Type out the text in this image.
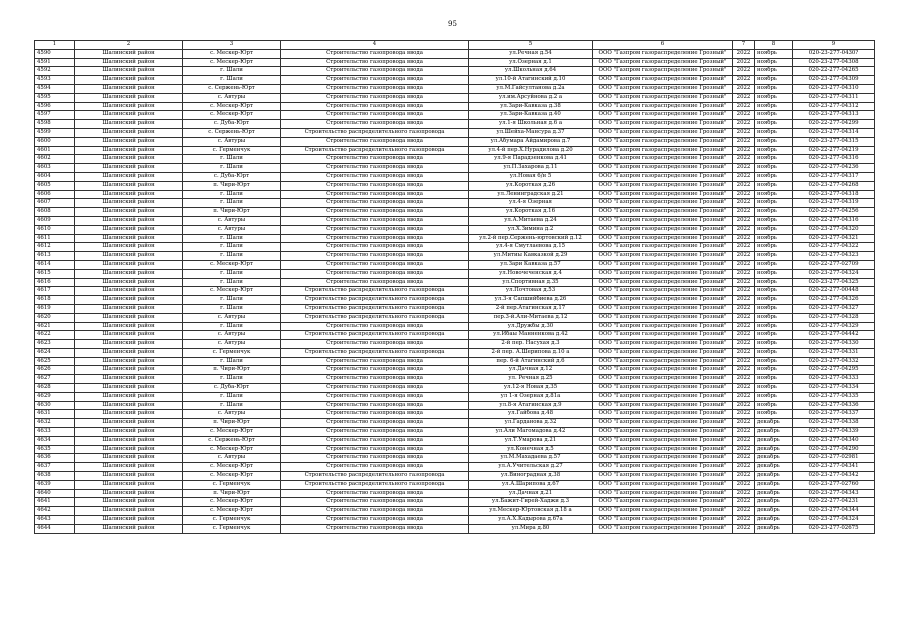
95
1	2	3	4	5	6	7	8	9
4590	Шалинский район	с. Мескер-Юрт	Строительство газопровода ввода	ул.Речная д.54	ООО "Газпром газораспределение Грозный"	2022	ноябрь	020-23-277-0430?
4591	Шалинский район	с. Мескер-Юрт	Строительство газопровода ввода	ул.Озерная д.1	ООО "Газпром газораспределение Грозный"	2022	ноябрь	020-23-277-04308
4592	Шалинский район	г. Шали	Строительство газопровода ввода	ул.Школьная д.64	ООО "Газпром газораспределение Грозный"	2022	ноябрь	020-22-277-04265
4593	Шалинский район	г. Шали	Строительство газопровода ввода	ул.10-й Атагинский д.10	ООО "Газпром газораспределение Грозный"	2022	ноябрь	020-23-277-04309
4594	Шалинский район	с. Сержень-Юрт	Строительство газопровода ввода	ул.М.Гайсултанова д.2а	ООО "Газпром газораспределение Грозный"	2022	ноябрь	020-23-277-04310
4595	Шалинский район	с. Автуры	Строительство газопровода ввода	ул.им.Арсуйнова д.2 а	ООО "Газпром газораспределение Грозный"	2022	ноябрь	020-23-277-04311
4596	Шалинский район	с. Мескер-Юрт	Строительство газопровода ввода	ул.Зари-Кавказа д.38	ООО "Газпром газораспределение Грозный"	2022	ноябрь	020-23-277-04312
4597	Шалинский район	с. Мескер-Юрт	Строительство газопровода ввода	ул.Зари-Кавказа д.40	ООО "Газпром газораспределение Грозный"	2022	ноябрь	020-23-277-04313
4598	Шалинский район	с. Дуба-Юрт	Строительство газопровода ввода	ул.1-я Школьная д.6 а	ООО "Газпром газораспределение Грозный"	2022	ноябрь	020-22-277-04299
4599	Шалинский район	с. Сержень-Юрт	Строительство распределительного газопровода	ул.Шейха-Мансура д.37	ООО "Газпром газораспределение Грозный"	2022	ноябрь	020-23-277-04314
4600	Шалинский район	с. Автуры	Строительство газопровода ввода	ул.Абумара Айдамирова д.7	ООО "Газпром газораспределение Грозный"	2022	ноябрь	020-23-277-04315
4601	Шалинский район	с. Герменчук	Строительство распределительного газопровода	ул.4-й пер.Х.Нурадилова д.20	ООО "Газпром газораспределение Грозный"	2022	ноябрь	020-22-277-04219
4602	Шалинский район	г. Шали	Строительство газопровода ввода	ул.9-я Парадзенкова д.41	ООО "Газпром газораспределение Грозный"	2022	ноябрь	020-23-277-04316
4603	Шалинский район	г. Шали	Строительство газопровода ввода	ул.П.Захарова д.11	ООО "Газпром газораспределение Грозный"	2022	ноябрь	020-22-277-04236
4604	Шалинский район	с. Дуба-Юрт	Строительство газопровода ввода	ул.Новая 6/н 5	ООО "Газпром газораспределение Грозный"	2022	ноябрь	020-23-277-04317
4605	Шалинский район	п. Чири-Юрт	Строительство газопровода ввода	ул.Короткая д.26	ООО "Газпром газораспределение Грозный"	2022	ноябрь	020-23-277-04268
4606	Шалинский район	г. Шали	Строительство газопровода ввода	ул.Ленинградская д.21	ООО "Газпром газораспределение Грозный"	2022	ноябрь	020-23-277-04318
4607	Шалинский район	г. Шали	Строительство газопровода ввода	ул.4-я Озерная	ООО "Газпром газораспределение Грозный"	2022	ноябрь	020-23-277-04319
4608	Шалинский район	п. Чири-Юрт	Строительство газопровода ввода	ул.Короткая д.16	ООО "Газпром газораспределение Грозный"	2022	ноябрь	020-22-277-04256
4609	Шалинский район	с. Автуры	Строительство газопровода ввода	ул.А.Митаева д.24	ООО "Газпром газораспределение Грозный"	2022	ноябрь	020-22-277-04316
4610	Шалинский район	с. Автуры	Строительство газопровода ввода	ул.Х.Зимина д.2	ООО "Газпром газораспределение Грозный"	2022	ноябрь	020-23-277-04320
4611	Шалинский район	г. Шали	Строительство газопровода ввода	ул.2-й пер.Сержень-юртовский д.12	ООО "Газпром газораспределение Грозный"	2022	ноябрь	020-23-277-04321
4612	Шалинский район	г. Шали	Строительство газопровода ввода	ул.4-я Смутлаевова д.15	ООО "Газпром газораспределение Грозный"	2022	ноябрь	020-23-277-04322
4613	Шалинский район	г. Шали	Строительство газопровода ввода	ул.Митиы Кавказкой д.29	ООО "Газпром газораспределение Грозный"	2022	ноябрь	020-23-277-04323
4614	Шалинский район	с. Мескер-Юрт	Строительство газопровода ввода	ул.Зари Кавказа д.57	ООО "Газпром газораспределение Грозный"	2022	ноябрь	020-22-277-02709
4615	Шалинский район	г. Шали	Строительство газопровода ввода	ул.Новочеченская д.4	ООО "Газпром газораспределение Грозный"	2022	ноябрь	020-23-277-04324
4616	Шалинский район	г. Шали	Строительство газопровода ввода	ул.Спортивная д.35	ООО "Газпром газораспределение Грозный"	2022	ноябрь	020-23-277-04325
4617	Шалинский район	с. Мескер-Юрт	Строительство распределительного газопровода	ул.Почтовая д.53	ООО "Газпром газораспределение Грозный"	2022	ноябрь	020-22-277-00448
4618	Шалинский район	г. Шали	Строительство распределительного газопровода	ул.3-я Сапшийбиева д.26	ООО "Газпром газораспределение Грозный"	2022	ноябрь	020-23-277-04326
4619	Шалинский район	г. Шали	Строительство распределительного газопровода	2-й пер.Атагинская д.17	ООО "Газпром газораспределение Грозный"	2022	ноябрь	020-23-277-04327
4620	Шалинский район	с. Автуры	Строительство распределительного газопровода	пер.3-й.Али-Митаева д.12	ООО "Газпром газораспределение Грозный"	2022	ноябрь	020-23-277-04328
4621	Шалинский район	г. Шали	Строительство газопровода ввода	ул.Дружбы д.30	ООО "Газпром газораспределение Грозный"	2022	ноябрь	020-23-277-04329
4622	Шалинский район	с. Автуры	Строительство распределительного газопровода	ул.Ибаы Манненкова д.42	ООО "Газпром газораспределение Грозный"	2022	ноябрь	020-23-277-04442
4623	Шалинский район	с. Автуры	Строительство газопровода ввода	2-й пер. Насухая д.3	ООО "Газпром газораспределение Грозный"	2022	ноябрь	020-23-277-04330
4624	Шалинский район	с. Герменчук	Строительство распределительного газопровода	2-й пер. А.Шерипова д.10 а	ООО "Газпром газораспределение Грозный"	2022	ноябрь	020-23-277-04331
4625	Шалинский район	г. Шали	Строительство газопровода ввода	пер. 6-й Атагинский д.6	ООО "Газпром газораспределение Грозный"	2022	ноябрь	020-23-277-04332
4626	Шалинский район	п. Чири-Юрт	Строительство газопровода ввода	ул.Дачная д.12	ООО "Газпром газораспределение Грозный"	2022	ноябрь	020-22-277-04295
4627	Шалинский район	г. Шали	Строительство газопровода ввода	ул. Речная д.25	ООО "Газпром газораспределение Грозный"	2022	ноябрь	020-23-277-04333
4628	Шалинский район	с. Дуба-Юрт	Строительство газопровода ввода	ул.12-я Новая д.35	ООО "Газпром газораспределение Грозный"	2022	ноябрь	020-23-277-04334
4629	Шалинский район	г. Шали	Строительство газопровода ввода	ул 1-я Озерная д.81а	ООО "Газпром газораспределение Грозный"	2022	ноябрь	020-23-277-04335
4630	Шалинский район	г. Шали	Строительство газопровода ввода	ул.8-я Атагинская д.9	ООО "Газпром газораспределение Грозный"	2022	ноябрь	020-23-277-04336
4631	Шалинский район	с. Автуры	Строительство газопровода ввода	ул.Гайбова д.48	ООО "Газпром газораспределение Грозный"	2022	ноябрь	020-23-277-04337
4632	Шалинский район	п. Чири-Юрт	Строительство газопровода ввода	ул.Гарданова д.32	ООО "Газпром газораспределение Грозный"	2022	декабрь	020-23-277-04338
4633	Шалинский район	с. Мескер-Юрт	Строительство газопровода ввода	ул.Али Магомадова д.42	ООО "Газпром газораспределение Грозный"	2022	декабрь	020-23-277-04339
4634	Шалинский район	с. Сержень-Юрт	Строительство газопровода ввода	ул.Т.Умарова д.21	ООО "Газпром газораспределение Грозный"	2022	декабрь	020-23-277-04340
4635	Шалинский район	с. Мескер-Юрт	Строительство газопровода ввода	ул.Конечная д.5	ООО "Газпром газораспределение Грозный"	2022	декабрь	020-23-277-04290
4636	Шалинский район	с. Автуры	Строительство газопровода ввода	ул.М.Махадаева д.57	ООО "Газпром газораспределение Грозный"	2022	декабрь	020-23-277-02981
4637	Шалинский район	с. Мескер-Юрт	Строительство газопровода ввода	ул.А.Учительская д.27	ООО "Газпром газораспределение Грозный"	2022	декабрь	020-23-277-04341
4638	Шалинский район	с. Мескер-Юрт	Строительство распределительного газопровода	ул.Виноградная д.38	ООО "Газпром газораспределение Грозный"	2022	декабрь	020-23-277-04342
4639	Шалинский район	с. Герменчук	Строительство распределительного газопровода	ул.А.Шарипова д.67	ООО "Газпром газораспределение Грозный"	2022	декабрь	020-23-277-02760
4640	Шалинский район	п. Чири-Юрт	Строительство газопровода ввода	ул.Дачная д.21	ООО "Газпром газораспределение Грозный"	2022	декабрь	020-23-277-04343
4641	Шалинский район	с. Мескер-Юрт	Строительство газопровода ввода	ул.Бажит-Гирей-Хаджи д.3	ООО "Газпром газораспределение Грозный"	2022	декабрь	020-22-277-04231
4642	Шалинский район	с. Мескер-Юрт	Строительство газопровода ввода	ул.Мескер-Юртовская д.18 а	ООО "Газпром газораспределение Грозный"	2022	декабрь	020-23-277-04344
4643	Шалинский район	с. Герменчук	Строительство газопровода ввода	ул.А.Х.Кадырова д.67а	ООО "Газпром газораспределение Грозный"	2022	декабрь	020-23-277-04324
4644	Шалинский район	с. Герменчук	Строительство газопровода ввода	ул.Мира д.80	ООО "Газпром газораспределение Грозный"	2022	декабрь	020-23-277-02675
